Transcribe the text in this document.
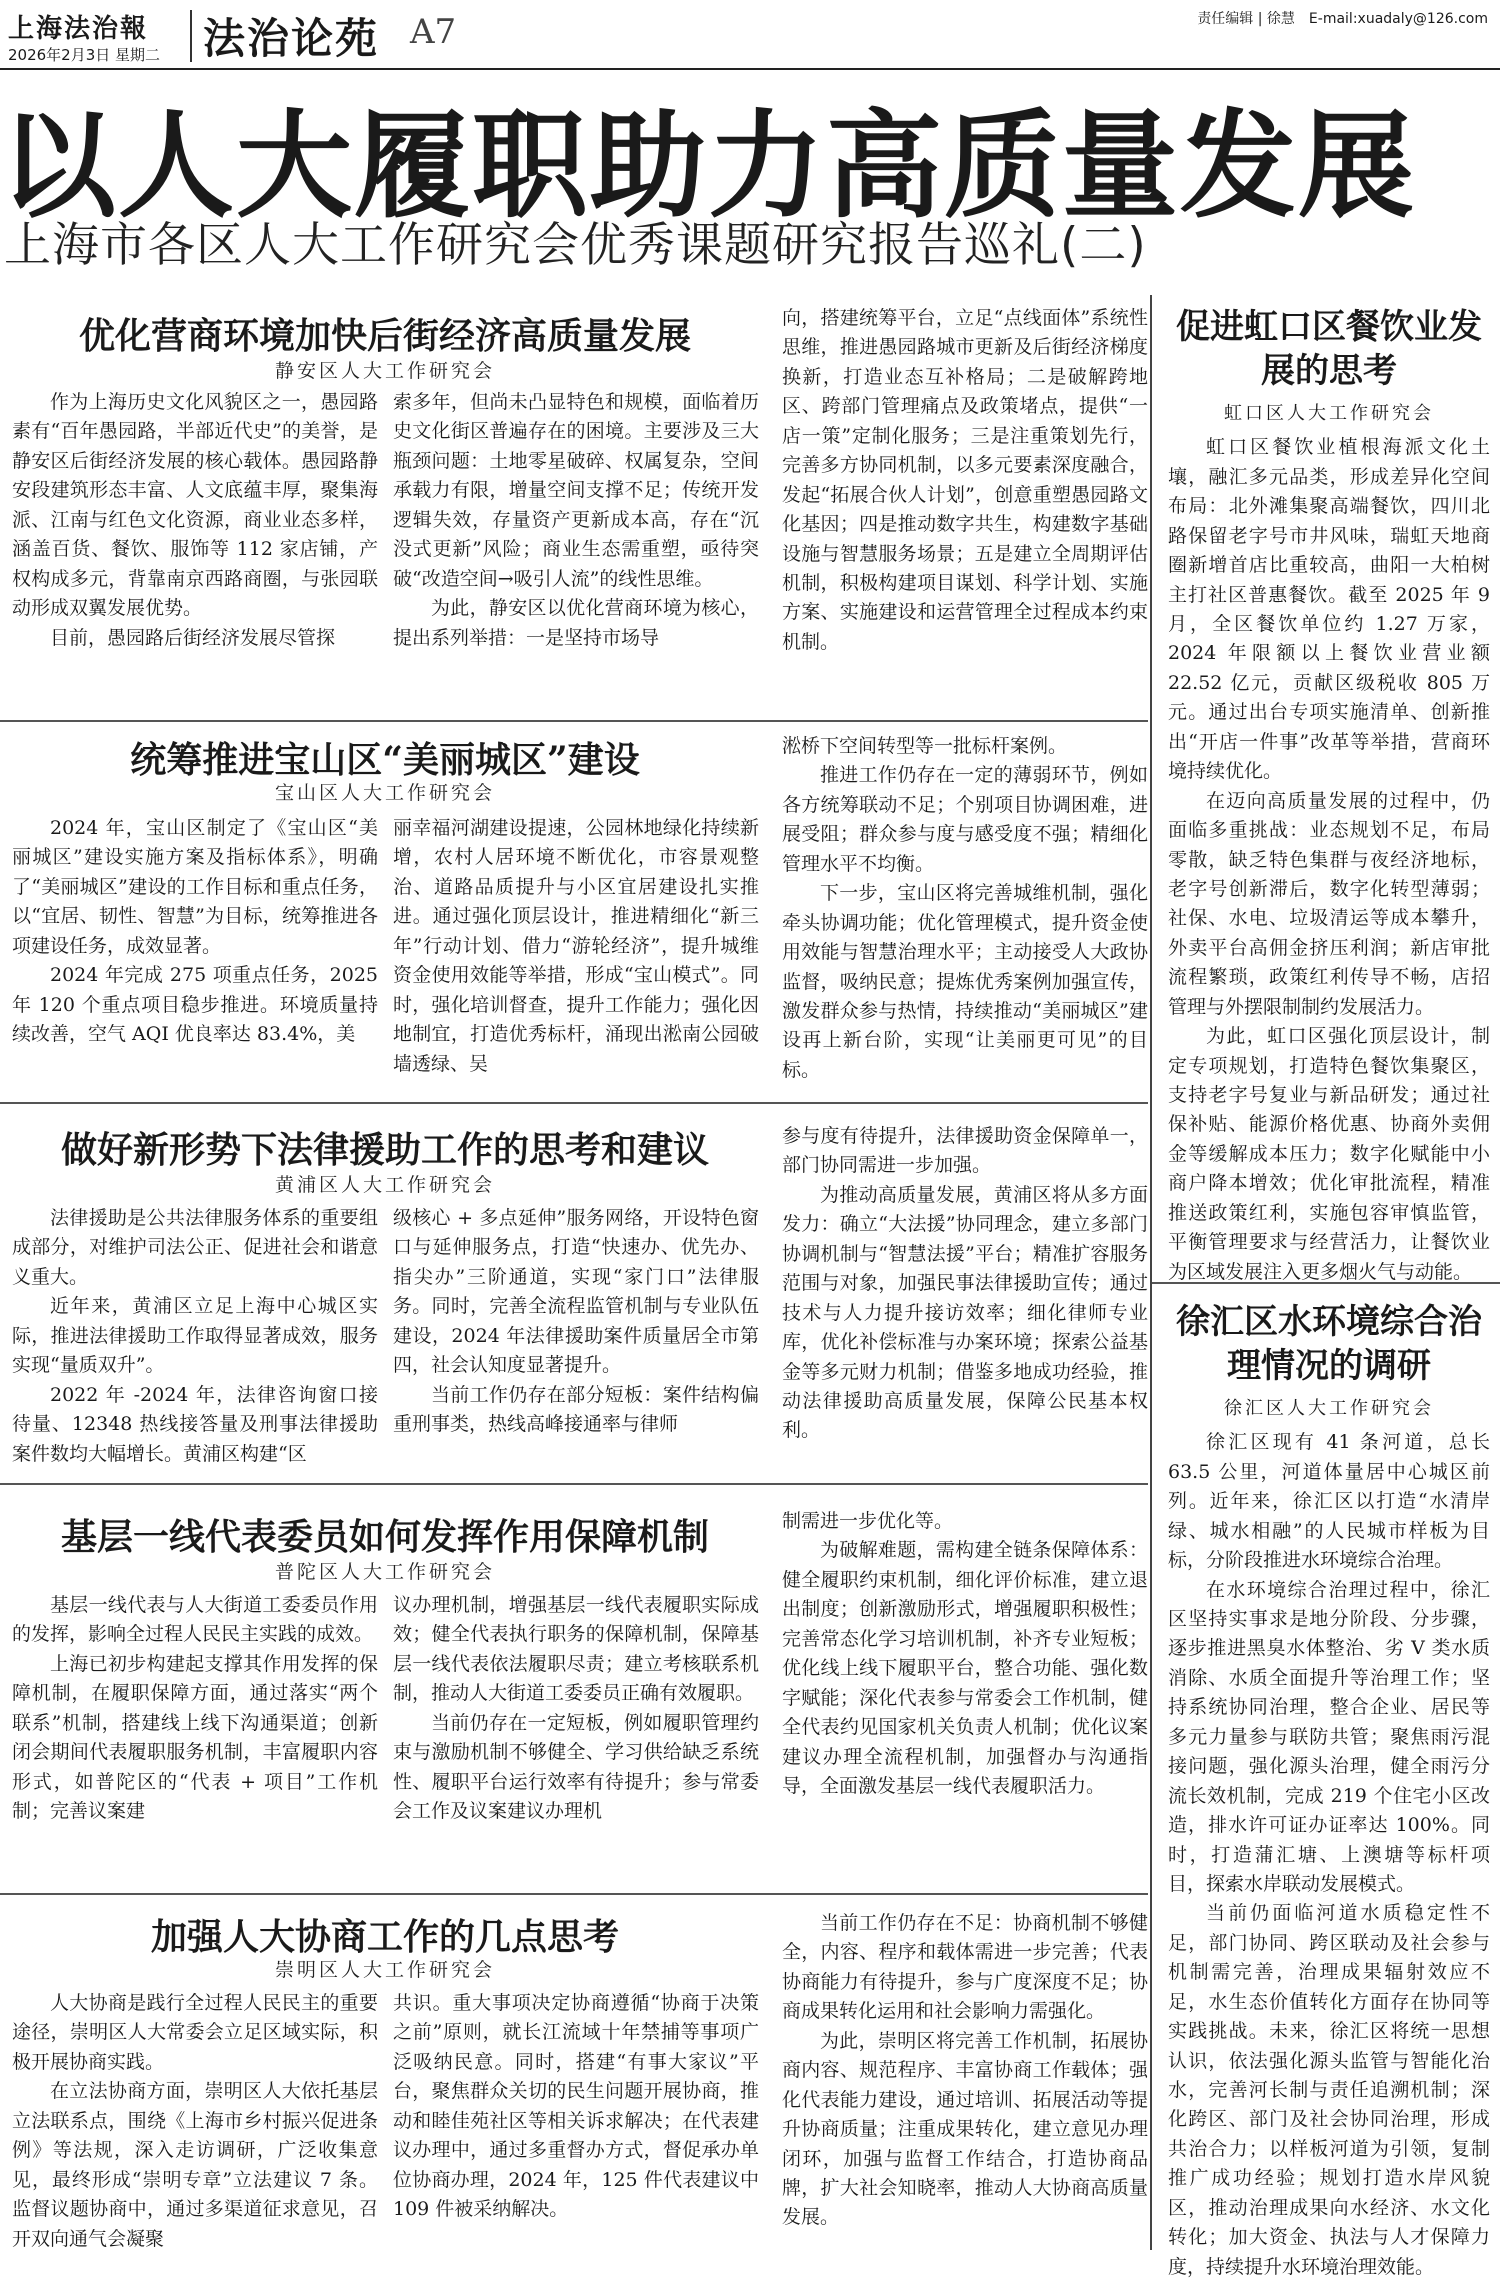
上海法治報
2026年2月3日 星期二 法治论苑 A7	责任编辑 | 徐慧　E-mail:xuadaly@126.com
以人大履职助力高质量发展
上海市各区人大工作研究会优秀课题研究报告巡礼(二)
优化营商环境加快后街经济高质量发展
静安区人大工作研究会

作为上海历史文化风貌区之一，愚园路素有“百年愚园路，半部近代史”的美誉，是静安区后街经济发展的核心载体。愚园路静安段建筑形态丰富、人文底蕴丰厚，聚集海派、江南与红色文化资源，商业业态多样，涵盖百货、餐饮、服饰等 112 家店铺，产权构成多元，背靠南京西路商圈，与张园联动形成双翼发展优势。

目前，愚园路后街经济发展尽管探

索多年，但尚未凸显特色和规模，面临着历史文化街区普遍存在的困境。主要涉及三大瓶颈问题：土地零星破碎、权属复杂，空间承载力有限，增量空间支撑不足；传统开发逻辑失效，存量资产更新成本高，存在“沉没式更新”风险；商业生态需重塑，亟待突破“改造空间→吸引人流”的线性思维。

为此，静安区以优化营商环境为核心，提出系列举措：一是坚持市场导

向，搭建统筹平台，立足“点线面体”系统性思维，推进愚园路城市更新及后街经济梯度换新，打造业态互补格局；二是破解跨地区、跨部门管理痛点及政策堵点，提供“一店一策”定制化服务；三是注重策划先行，完善多方协同机制，以多元要素深度融合，发起“拓展合伙人计划”，创意重塑愚园路文化基因；四是推动数字共生，构建数字基础设施与智慧服务场景；五是建立全周期评估机制，积极构建项目谋划、科学计划、实施方案、实施建设和运营管理全过程成本约束机制。

统筹推进宝山区“美丽城区”建设
宝山区人大工作研究会

2024 年，宝山区制定了《宝山区“美丽城区”建设实施方案及指标体系》，明确了“美丽城区”建设的工作目标和重点任务，以“宜居、韧性、智慧”为目标，统筹推进各项建设任务，成效显著。

2024 年完成 275 项重点任务，2025 年 120 个重点项目稳步推进。环境质量持续改善，空气 AQI 优良率达 83.4%，美

丽幸福河湖建设提速，公园林地绿化持续新增，农村人居环境不断优化，市容景观整治、道路品质提升与小区宜居建设扎实推进。通过强化顶层设计，推进精细化“新三年”行动计划、借力“游轮经济”，提升城维资金使用效能等举措，形成“宝山模式”。同时，强化培训督查，提升工作能力；强化因地制宜，打造优秀标杆，涌现出淞南公园破墙透绿、吴

淞桥下空间转型等一批标杆案例。

推进工作仍存在一定的薄弱环节，例如各方统筹联动不足；个别项目协调困难，进展受阻；群众参与度与感受度不强；精细化管理水平不均衡。

下一步，宝山区将完善城维机制，强化牵头协调功能；优化管理模式，提升资金使用效能与智慧治理水平；主动接受人大政协监督，吸纳民意；提炼优秀案例加强宣传，激发群众参与热情，持续推动“美丽城区”建设再上新台阶，实现“让美丽更可见”的目标。

做好新形势下法律援助工作的思考和建议
黄浦区人大工作研究会

法律援助是公共法律服务体系的重要组成部分，对维护司法公正、促进社会和谐意义重大。

近年来，黄浦区立足上海中心城区实际，推进法律援助工作取得显著成效，服务实现“量质双升”。

2022 年 -2024 年，法律咨询窗口接待量、12348 热线接答量及刑事法律援助案件数均大幅增长。黄浦区构建“区

级核心 + 多点延伸”服务网络，开设特色窗口与延伸服务点，打造“快速办、优先办、指尖办”三阶通道，实现“家门口”法律服务。同时，完善全流程监管机制与专业队伍建设，2024 年法律援助案件质量居全市第四，社会认知度显著提升。

当前工作仍存在部分短板：案件结构偏重刑事类，热线高峰接通率与律师

参与度有待提升，法律援助资金保障单一，部门协同需进一步加强。

为推动高质量发展，黄浦区将从多方面发力：确立“大法援”协同理念，建立多部门协调机制与“智慧法援”平台；精准扩容服务范围与对象，加强民事法律援助宣传；通过技术与人力提升接访效率；细化律师专业库，优化补偿标准与办案环境；探索公益基金等多元财力机制；借鉴多地成功经验，推动法律援助高质量发展，保障公民基本权利。

基层一线代表委员如何发挥作用保障机制
普陀区人大工作研究会

基层一线代表与人大街道工委委员作用的发挥，影响全过程人民民主实践的成效。

上海已初步构建起支撑其作用发挥的保障机制，在履职保障方面，通过落实“两个联系”机制，搭建线上线下沟通渠道；创新闭会期间代表履职服务机制，丰富履职内容形式，如普陀区的“代表 + 项目”工作机制；完善议案建

议办理机制，增强基层一线代表履职实际成效；健全代表执行职务的保障机制，保障基层一线代表依法履职尽责；建立考核联系机制，推动人大街道工委委员正确有效履职。

当前仍存在一定短板，例如履职管理约束与激励机制不够健全、学习供给缺乏系统性、履职平台运行效率有待提升；参与常委会工作及议案建议办理机

制需进一步优化等。

为破解难题，需构建全链条保障体系：健全履职约束机制，细化评价标准，建立退出制度；创新激励形式，增强履职积极性；完善常态化学习培训机制，补齐专业短板；优化线上线下履职平台，整合功能、强化数字赋能；深化代表参与常委会工作机制，健全代表约见国家机关负责人机制；优化议案建议办理全流程机制，加强督办与沟通指导，全面激发基层一线代表履职活力。

加强人大协商工作的几点思考
崇明区人大工作研究会

人大协商是践行全过程人民民主的重要途径，崇明区人大常委会立足区域实际，积极开展协商实践。

在立法协商方面，崇明区人大依托基层立法联系点，围绕《上海市乡村振兴促进条例》等法规，深入走访调研，广泛收集意见，最终形成“崇明专章”立法建议 7 条。监督议题协商中，通过多渠道征求意见，召开双向通气会凝聚

共识。重大事项决定协商遵循“协商于决策之前”原则，就长江流域十年禁捕等事项广泛吸纳民意。同时，搭建“有事大家议”平台，聚焦群众关切的民生问题开展协商，推动和睦佳苑社区等相关诉求解决；在代表建议办理中，通过多重督办方式，督促承办单位协商办理，2024 年，125 件代表建议中 109 件被采纳解决。

当前工作仍存在不足：协商机制不够健全，内容、程序和载体需进一步完善；代表协商能力有待提升，参与广度深度不足；协商成果转化运用和社会影响力需强化。

为此，崇明区将完善工作机制，拓展协商内容、规范程序、丰富协商工作载体；强化代表能力建设，通过培训、拓展活动等提升协商质量；注重成果转化，建立意见办理闭环，加强与监督工作结合，打造协商品牌，扩大社会知晓率，推动人大协商高质量发展。

促进虹口区餐饮业发展的思考
虹口区人大工作研究会

虹口区餐饮业植根海派文化土壤，融汇多元品类，形成差异化空间布局：北外滩集聚高端餐饮，四川北路保留老字号市井风味，瑞虹天地商圈新增首店比重较高，曲阳一大柏树主打社区普惠餐饮。截至 2025 年 9 月，全区餐饮单位约 1.27 万家，2024 年限额以上餐饮业营业额 22.52 亿元，贡献区级税收 805 万元。通过出台专项实施清单、创新推出“开店一件事”改革等举措，营商环境持续优化。

在迈向高质量发展的过程中，仍面临多重挑战：业态规划不足，布局零散，缺乏特色集群与夜经济地标，老字号创新滞后，数字化转型薄弱；社保、水电、垃圾清运等成本攀升，外卖平台高佣金挤压利润；新店审批流程繁琐，政策红利传导不畅，店招管理与外摆限制制约发展活力。

为此，虹口区强化顶层设计，制定专项规划，打造特色餐饮集聚区，支持老字号复业与新品研发；通过社保补贴、能源价格优惠、协商外卖佣金等缓解成本压力；数字化赋能中小商户降本增效；优化审批流程，精准推送政策红利，实施包容审慎监管，平衡管理要求与经营活力，让餐饮业为区域发展注入更多烟火气与动能。

徐汇区水环境综合治理情况的调研
徐汇区人大工作研究会

徐汇区现有 41 条河道，总长 63.5 公里，河道体量居中心城区前列。近年来，徐汇区以打造“水清岸绿、城水相融”的人民城市样板为目标，分阶段推进水环境综合治理。

在水环境综合治理过程中，徐汇区坚持实事求是地分阶段、分步骤，逐步推进黑臭水体整治、劣 V 类水质消除、水质全面提升等治理工作；坚持系统协同治理，整合企业、居民等多元力量参与联防共管；聚焦雨污混接问题，强化源头治理，健全雨污分流长效机制，完成 219 个住宅小区改造，排水许可证办证率达 100%。同时，打造蒲汇塘、上澳塘等标杆项目，探索水岸联动发展模式。

当前仍面临河道水质稳定性不足，部门协同、跨区联动及社会参与机制需完善，治理成果辐射效应不足，水生态价值转化方面存在协同等实践挑战。未来，徐汇区将统一思想认识，依法强化源头监管与智能化治水，完善河长制与责任追溯机制；深化跨区、部门及社会协同治理，形成共治合力；以样板河道为引领，复制推广成功经验；规划打造水岸风貌区，推动治理成果向水经济、水文化转化；加大资金、执法与人才保障力度，持续提升水环境治理效能。
